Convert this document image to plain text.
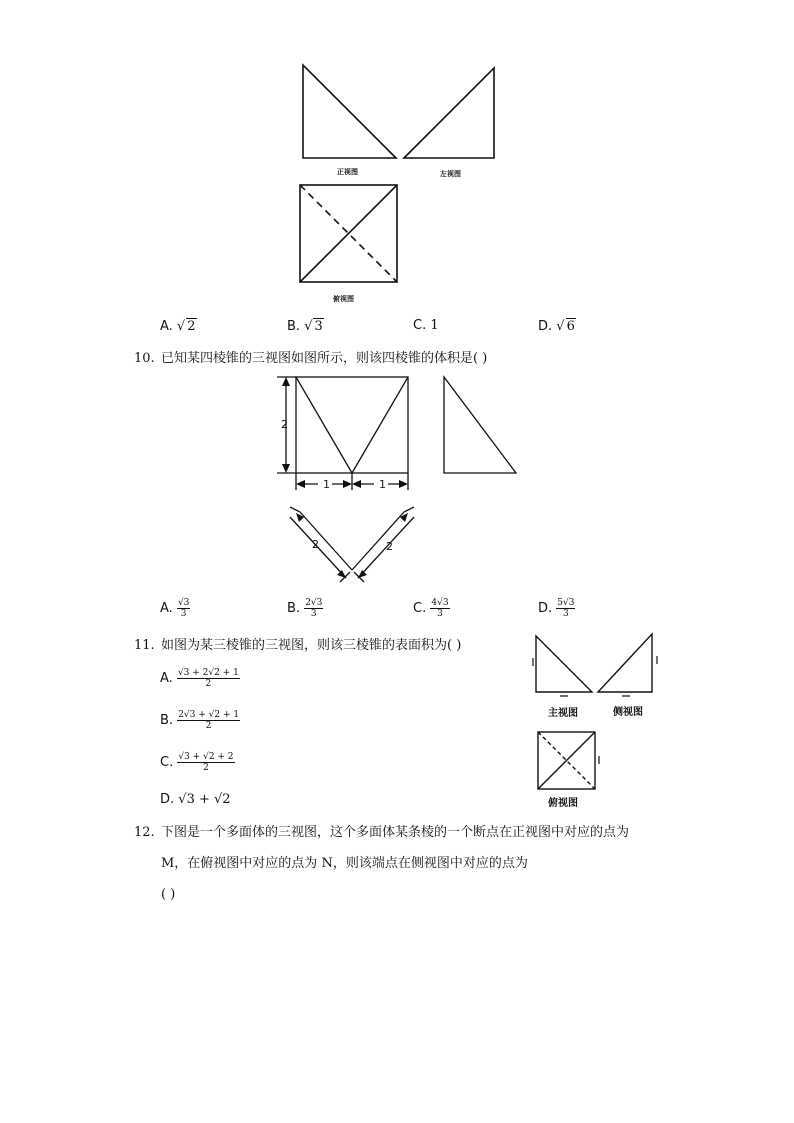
正视图	左视图
俯视图
A. √ 2	B. √ 3	C. 1	D. √ 6
10. 已知某四棱锥的三视图如图所示，则该四棱锥的体积是( )
2
1	1
2	2
A. $\frac{√3}{3}$	B. $\frac{2√3}{3}$	C. $\frac{4√3}{3}$	D. $\frac{5√3}{3}$
11. 如图为某三棱锥的三视图，则该三棱锥的表面积为( )
主视图	侧视图
俯视图
A. $\frac{√3 + 2√2 + 1}{2}$
B. $\frac{2√3 + √2 + 1}{2}$
C. $\frac{√3 + √2 + 2}{2}$
D. √3 + √2
12. 下图是一个多面体的三视图，这个多面体某条棱的一个断点在正视图中对应的点为
M，在俯视图中对应的点为 N，则该端点在侧视图中对应的点为
( )
